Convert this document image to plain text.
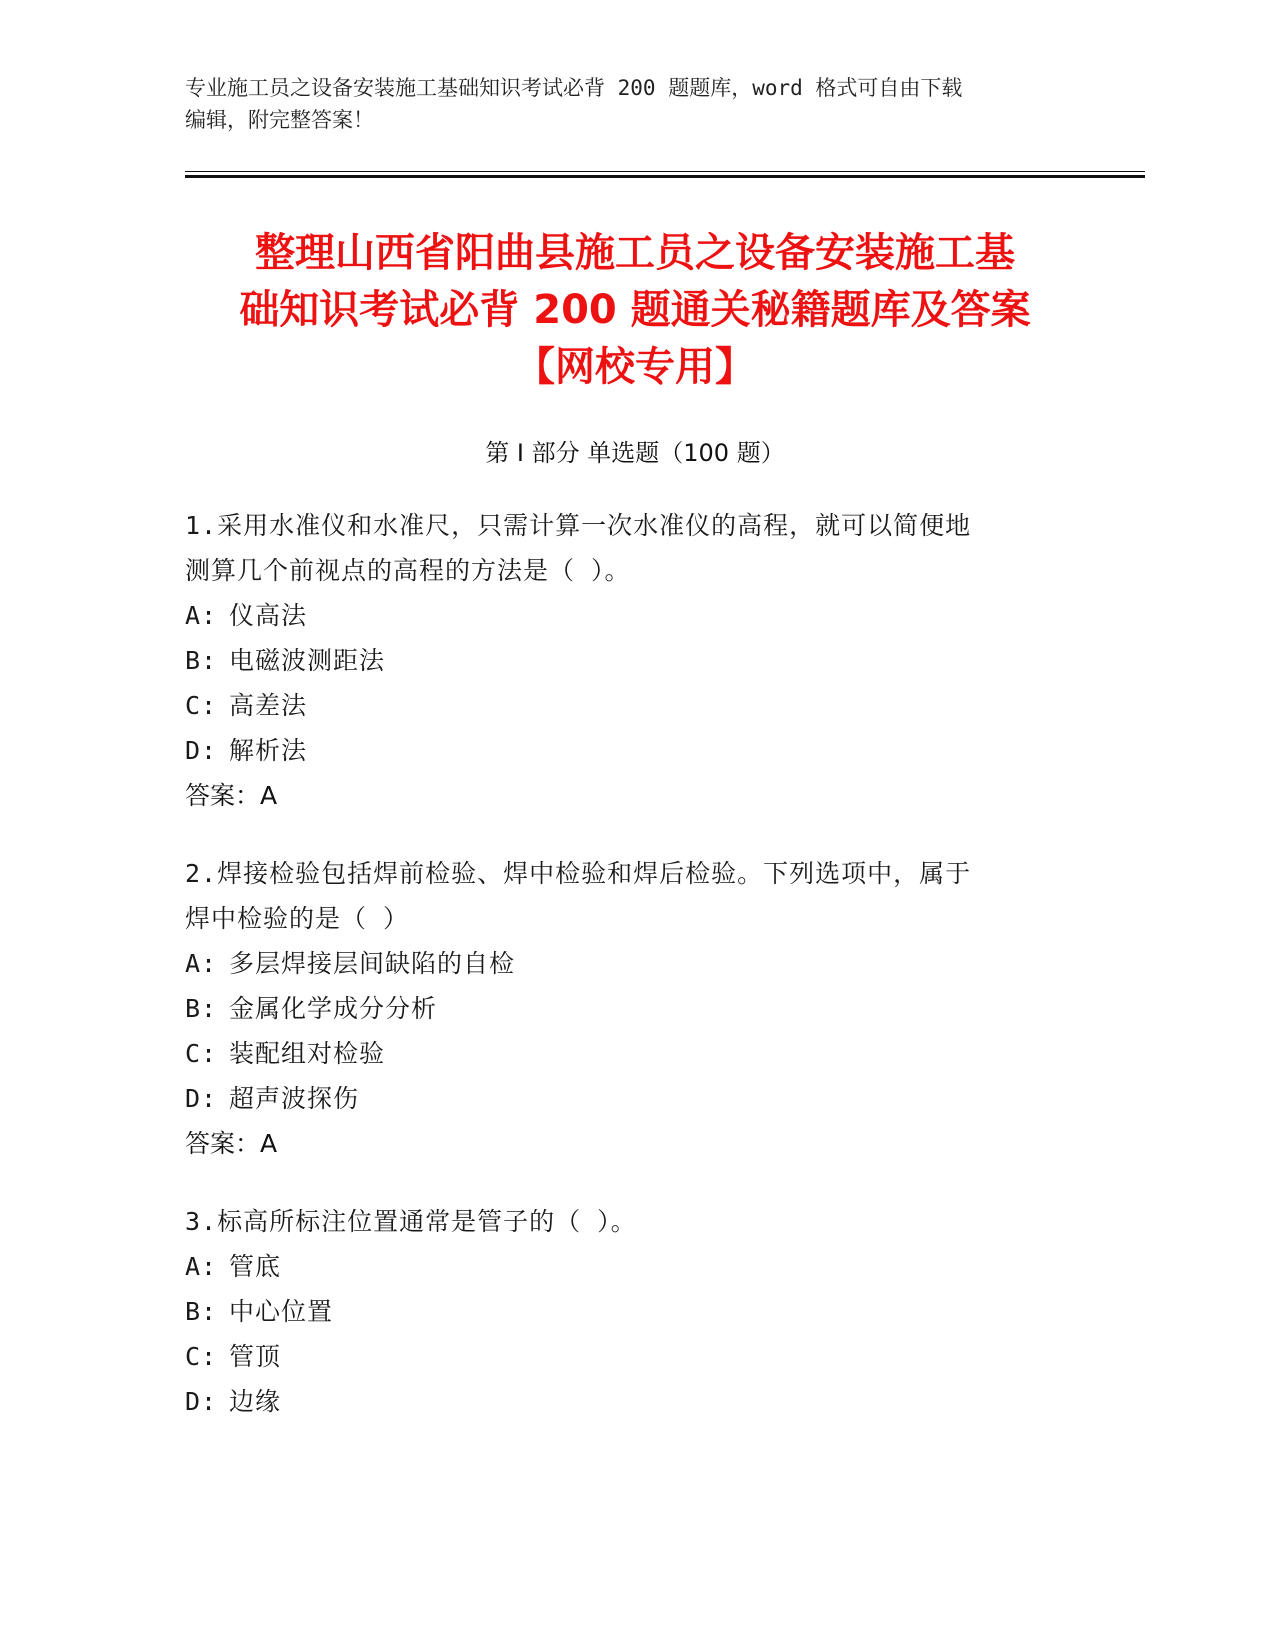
专业施工员之设备安装施工基础知识考试必背 200 题题库，word 格式可自由下载
编辑，附完整答案！
整理山西省阳曲县施工员之设备安装施工基
础知识考试必背 200 题通关秘籍题库及答案
【网校专用】
第 I 部分 单选题（100 题）
1.采用水准仪和水准尺，只需计算一次水准仪的高程，就可以简便地
测算几个前视点的高程的方法是（ ）。
A: 仪高法
B: 电磁波测距法
C: 高差法
D: 解析法
答案：A
2.焊接检验包括焊前检验、焊中检验和焊后检验。下列选项中，属于
焊中检验的是（ ）
A: 多层焊接层间缺陷的自检
B: 金属化学成分分析
C: 装配组对检验
D: 超声波探伤
答案：A
3.标高所标注位置通常是管子的（ ）。
A: 管底
B: 中心位置
C: 管顶
D: 边缘
